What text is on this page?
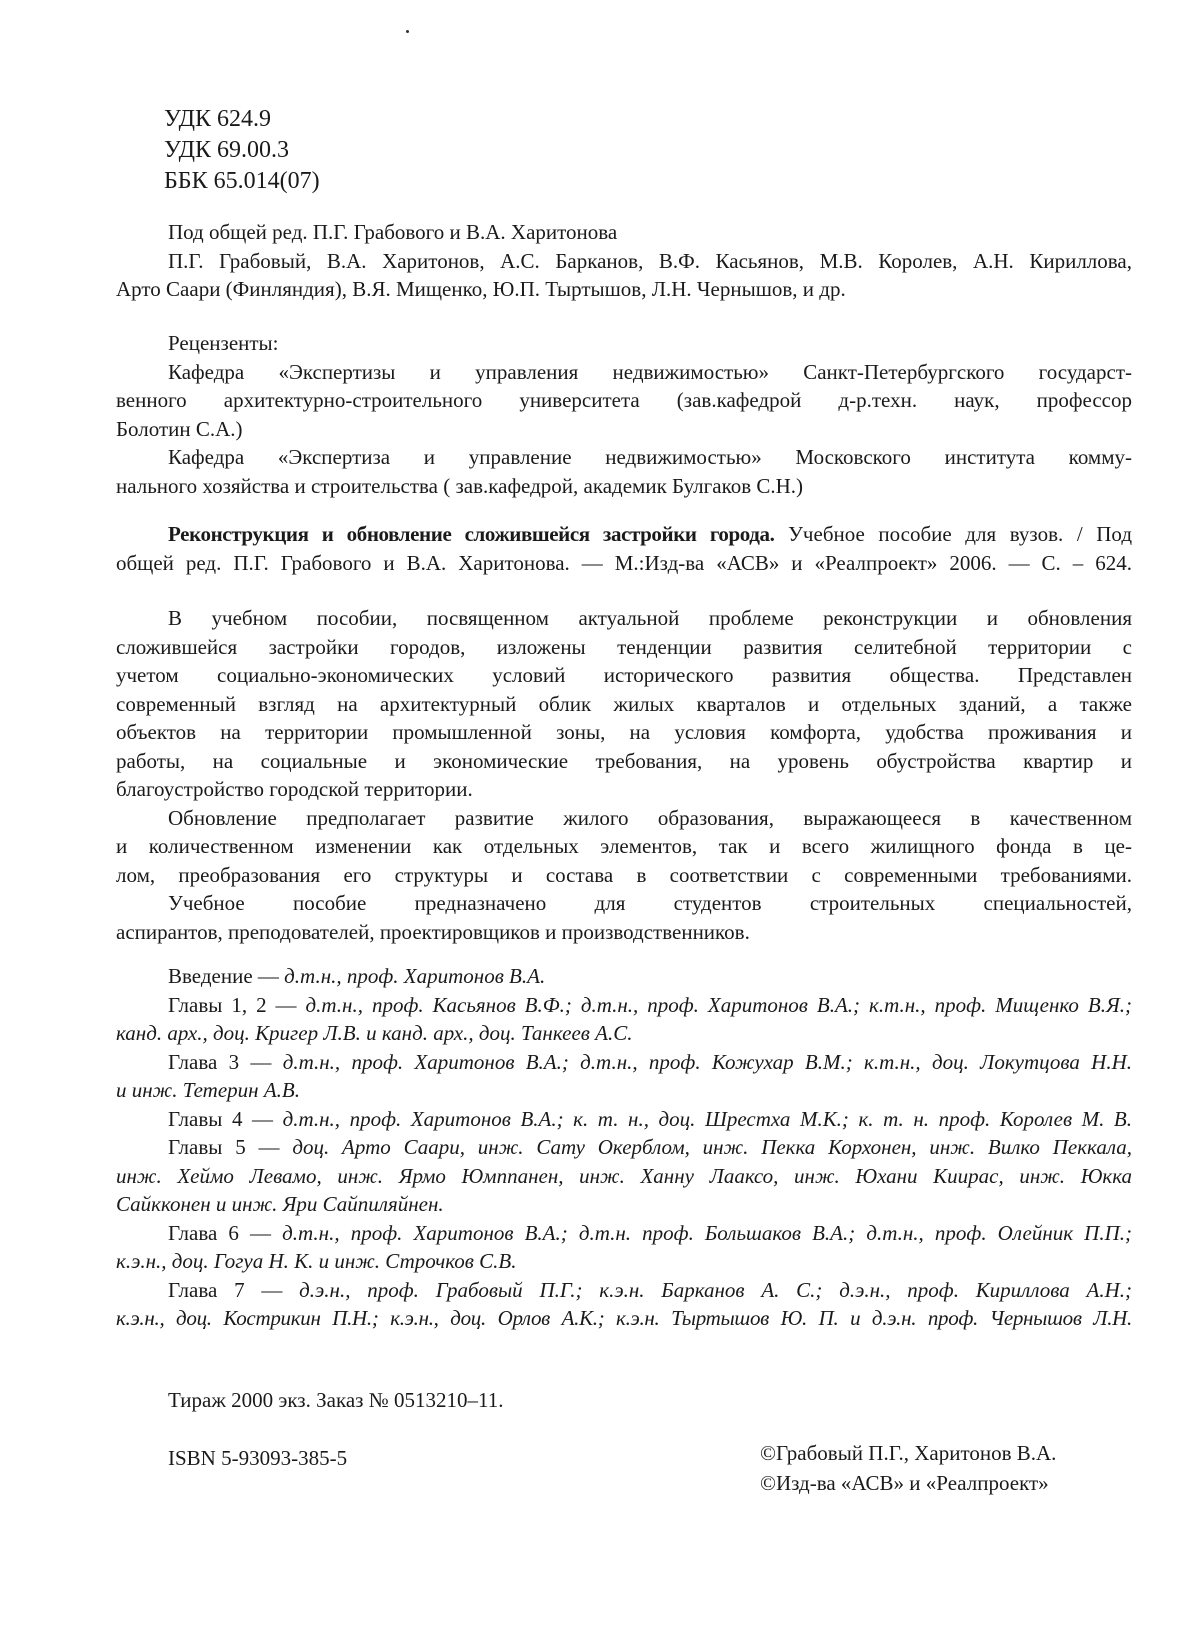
УДК 624.9

УДК 69.00.3

ББК 65.014(07)

Под общей ред. П.Г. Грабового и В.А. Харитонова

П.Г. Грабовый, В.А. Харитонов, А.С. Барканов, В.Ф. Касьянов, М.В. Королев, А.Н. Кириллова,

Арто Саари (Финляндия), В.Я. Мищенко, Ю.П. Тыртышов, Л.Н. Чернышов, и др.

Рецензенты:

Кафедра «Экспертизы и управления недвижимостью» Санкт-Петербургского государст-

венного архитектурно-строительного университета (зав.кафедрой д-р.техн. наук, профессор

Болотин С.А.)

Кафедра «Экспертиза и управление недвижимостью» Московского института комму-

нального хозяйства и строительства ( зав.кафедрой, академик Булгаков С.Н.)

Реконструкция и обновление сложившейся застройки города. Учебное пособие для вузов. / Под

общей ред. П.Г. Грабового и В.А. Харитонова. — М.:Изд-ва «АСВ» и «Реалпроект» 2006. — С. – 624.

В учебном пособии, посвященном актуальной проблеме реконструкции и обновления

сложившейся застройки городов, изложены тенденции развития селитебной территории с

учетом социально-экономических условий исторического развития общества. Представлен

современный взгляд на архитектурный облик жилых кварталов и отдельных зданий, а также

объектов на территории промышленной зоны, на условия комфорта, удобства проживания и

работы, на социальные и экономические требования, на уровень обустройства квартир и

благоустройство городской территории.

Обновление предполагает развитие жилого образования, выражающееся в качественном

и количественном изменении как отдельных элементов, так и всего жилищного фонда в це-

лом, преобразования его структуры и состава в соответствии с современными требованиями.

Учебное пособие предназначено для студентов строительных специальностей,

аспирантов, преподователей, проектировщиков и производственников.

Введение — д.т.н., проф. Харитонов В.А.

Главы 1, 2 — д.т.н., проф. Касьянов В.Ф.; д.т.н., проф. Харитонов В.А.; к.т.н., проф. Мищенко В.Я.;

канд. арх., доц. Кригер Л.В. и канд. арх., доц. Танкеев А.С.

Глава 3 — д.т.н., проф. Харитонов В.А.; д.т.н., проф. Кожухар В.М.; к.т.н., доц. Локутцова Н.Н.

и инж. Тетерин А.В.

Главы 4 — д.т.н., проф. Харитонов В.А.; к. т. н., доц. Шрестха М.К.; к. т. н. проф. Королев М. В.

Главы 5 — доц. Арто Саари, инж. Сату Окерблом, инж. Пекка Корхонен, инж. Вилко Пеккала,

инж. Хеймо Левамо, инж. Ярмо Юмппанен, инж. Ханну Лааксо, инж. Юхани Киирас, инж. Юкка

Сайкконен и инж. Яри Сайпиляйнен.

Глава 6 — д.т.н., проф. Харитонов В.А.; д.т.н. проф. Большаков В.А.; д.т.н., проф. Олейник П.П.;

к.э.н., доц. Гогуа Н. К. и инж. Строчков С.В.

Глава 7 — д.э.н., проф. Грабовый П.Г.; к.э.н. Барканов А. С.; д.э.н., проф. Кириллова А.Н.;

к.э.н., доц. Кострикин П.Н.; к.э.н., доц. Орлов А.К.; к.э.н. Тыртышов Ю. П. и д.э.н. проф. Чернышов Л.Н.

Тираж 2000 экз. Заказ № 0513210–11.

ISBN 5-93093-385-5	©Грабовый П.Г., Харитонов В.А.
©Изд-ва «АСВ» и «Реалпроект»
